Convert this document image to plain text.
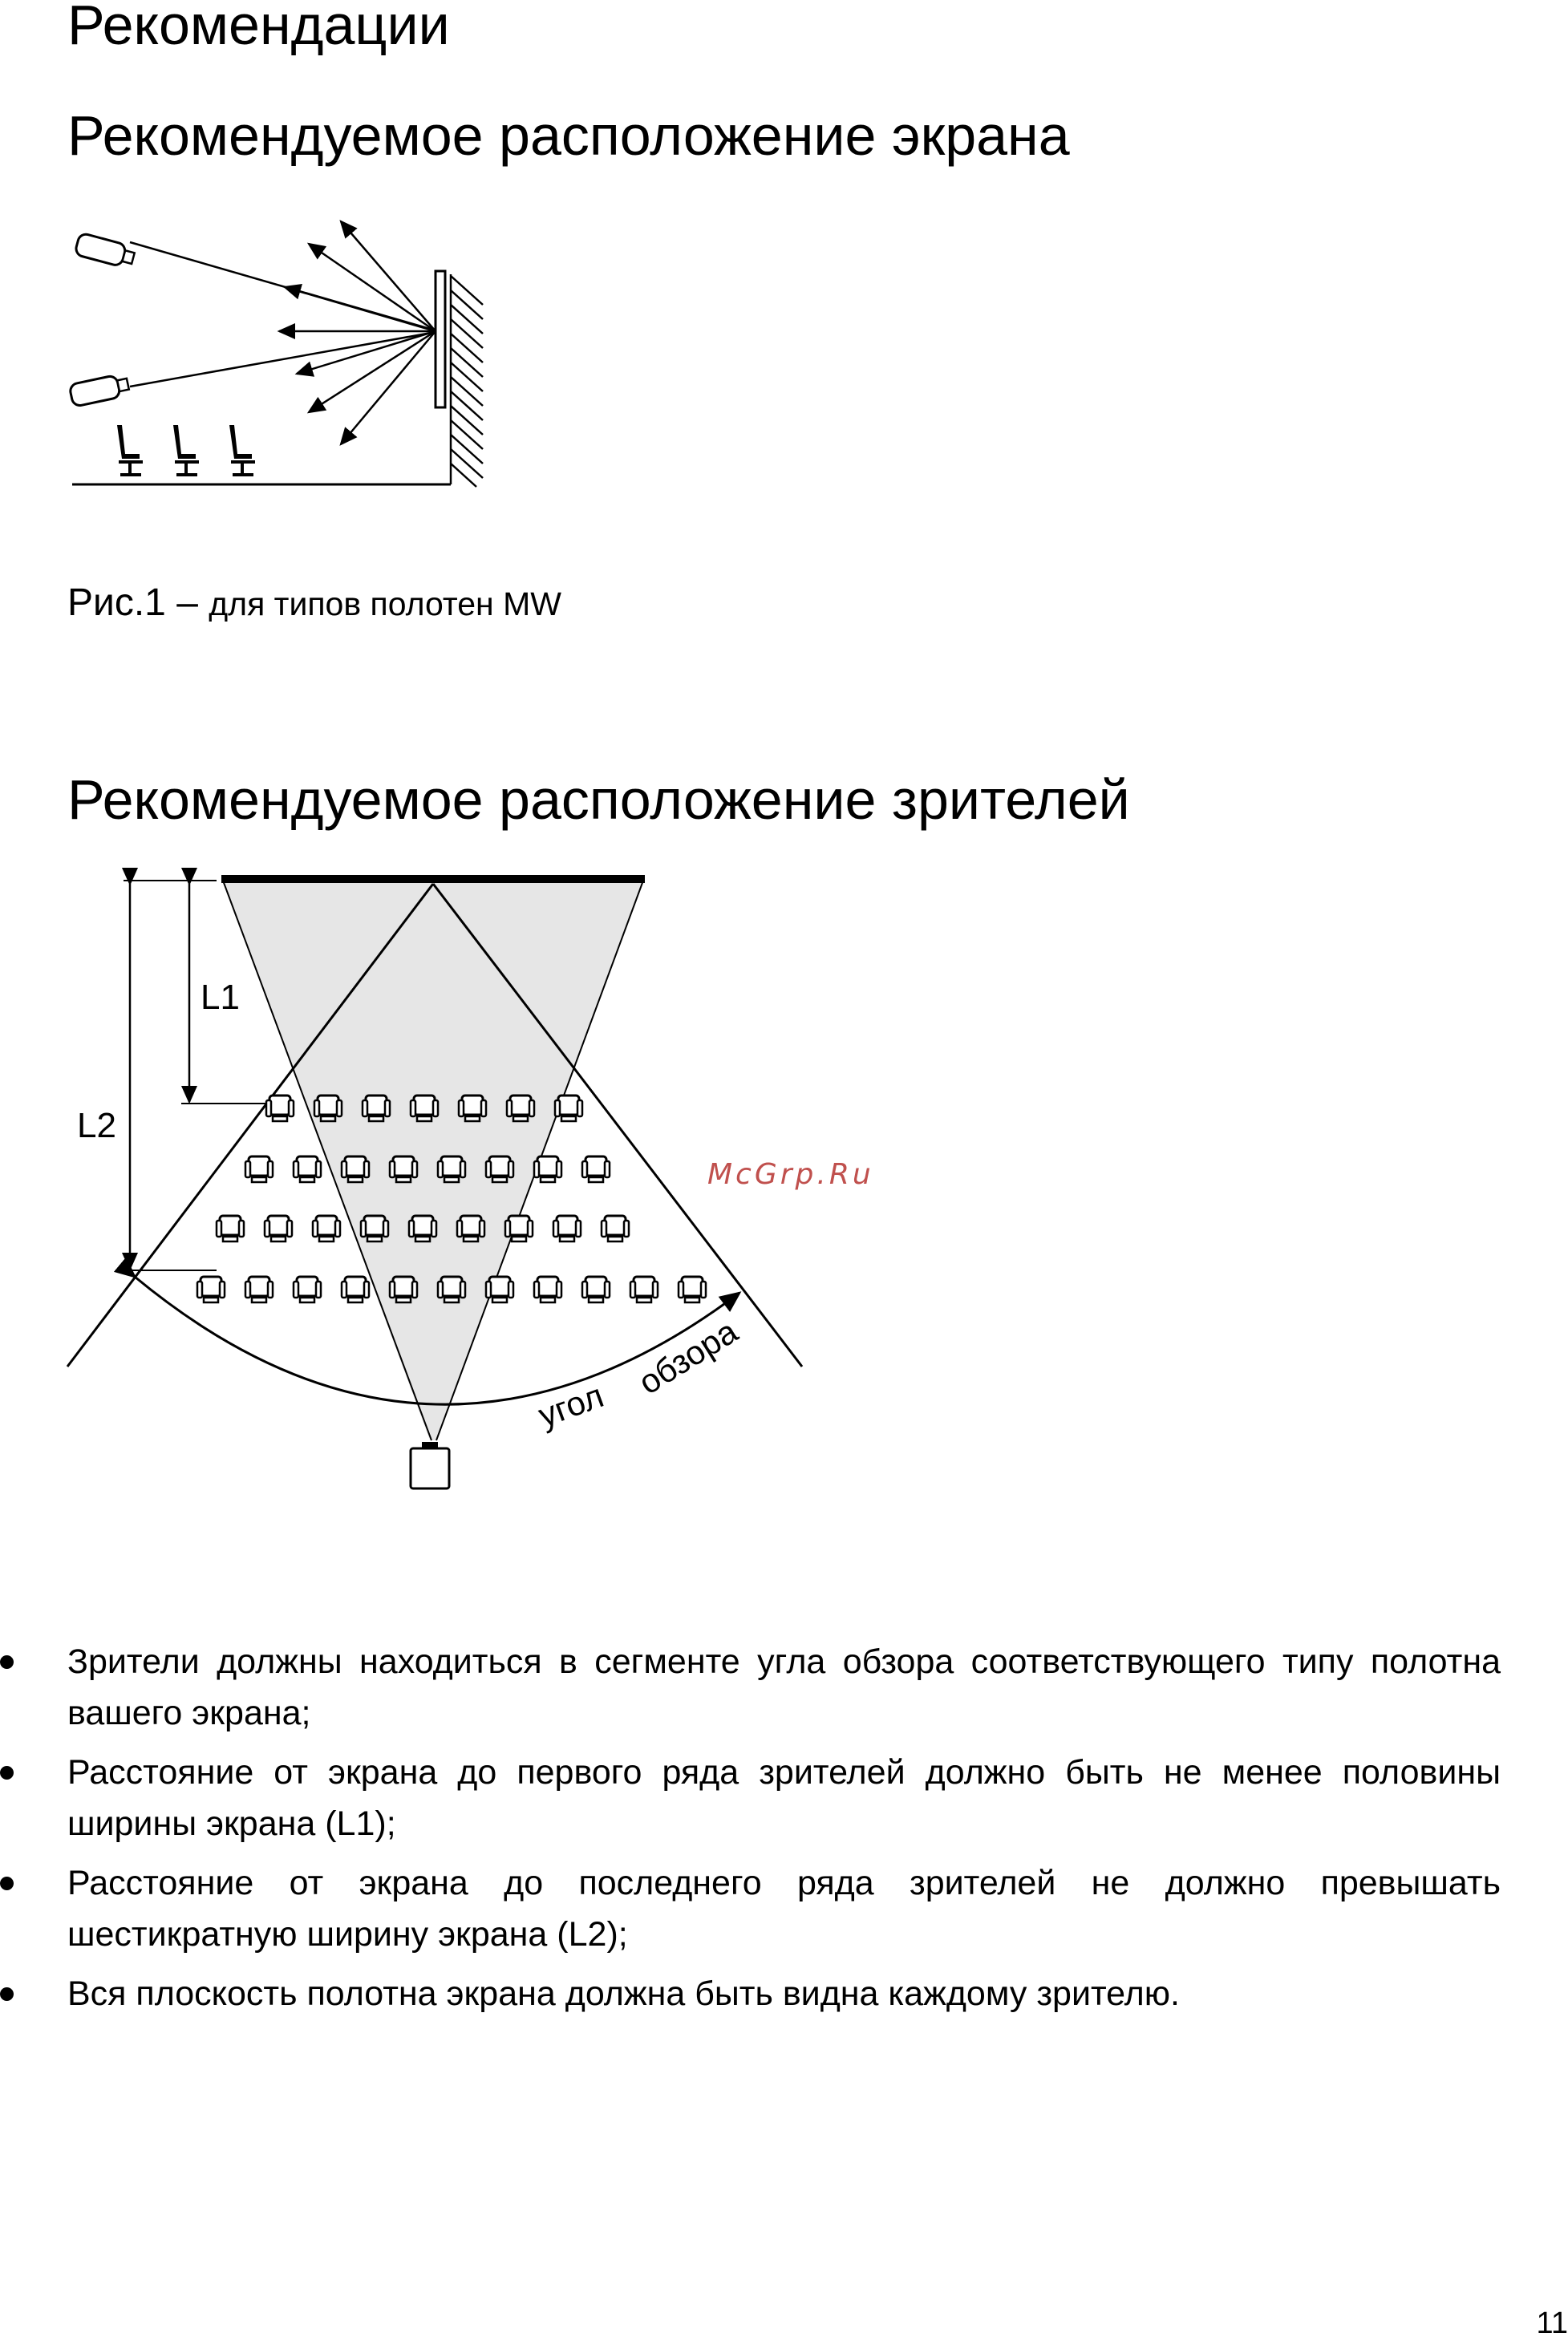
Рекомендации
Рекомендуемое расположение экрана
Рис.1 – для типов полотен MW
Рекомендуемое расположение зрителей
L1
L2
угол
обзора
McGrp.Ru
Зрители должны находиться в сегменте угла обзора соответствующего типу полотна вашего экрана;
Расстояние от экрана до первого ряда зрителей должно быть не менее половины ширины экрана (L1);
Расстояние от экрана до последнего ряда зрителей не должно превышать шестикратную ширину экрана (L2);
Вся плоскость полотна экрана должна быть видна каждому зрителю.
11
